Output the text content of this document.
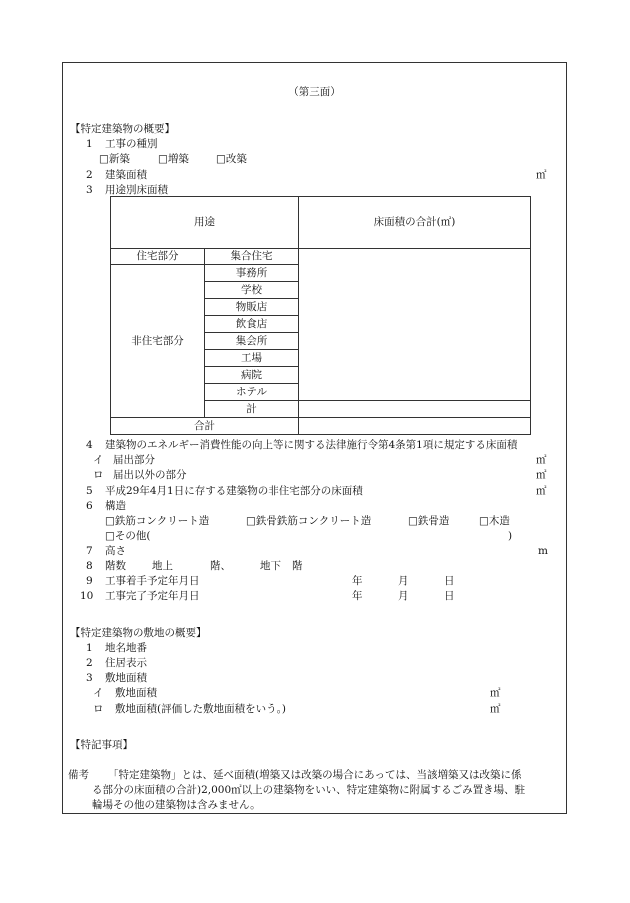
（第三面）
【特定建築物の概要】
1 工事の種別
□ 新築	□ 増築	□ 改築
2 建築面積	㎡
3 用途別床面積
用途		床面積の合計(㎡)
住宅部分	集合住宅	
非住宅部分	事務所	
	学校	
	物販店	
	飲食店	
	集会所	
	工場	
	病院	
	ホテル	
	計	
合計		
4 建築物のエネルギー消費性能の向上等に関する法律施行令第4条第1項に規定する床面積
イ 届出部分	㎡
ロ 届出以外の部分	㎡
5 平成29年4月1日に存する建築物の非住宅部分の床面積	㎡
6 構造
□ 鉄筋コンクリート造	□ 鉄骨鉄筋コンクリート造	□ 鉄骨造	□ 木造
□ その他(	)
7 高さ	m
8 階数 地上	階、	地下 階
9 工事着手予定年月日	年	月	日
10 工事完了予定年月日	年	月	日
【特定建築物の敷地の概要】
1 地名地番
2 住居表示
3 敷地面積
イ 敷地面積	㎡
ロ 敷地面積(評価した敷地面積をいう。)	㎡
【特記事項】
備考 「特定建築物」とは、延べ面積(増築又は改築の場合にあっては、当該増築又は改築に係
る部分の床面積の合計)2,000㎡以上の建築物をいい、特定建築物に附属するごみ置き場、駐
輪場その他の建築物は含みません。
